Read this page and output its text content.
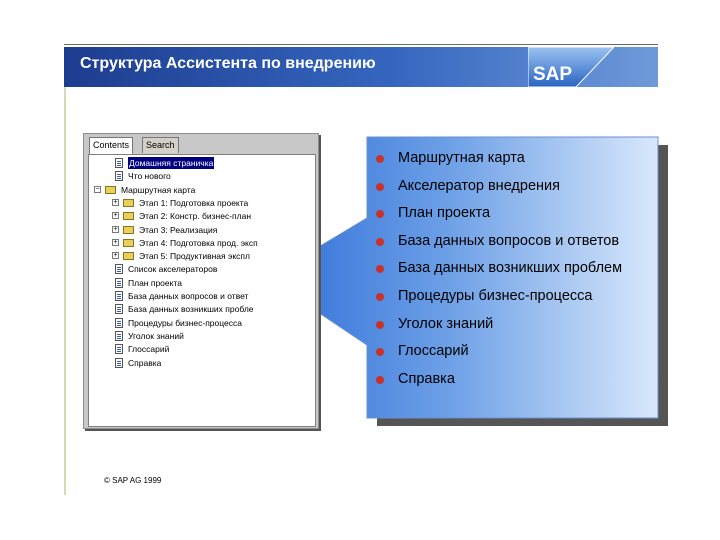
Структура Ассистента по внедрению
SAP
Contents	Search
Домашняя страничка
Что нового
−	Маршрутная карта
+	Этап 1: Подготовка проекта
+	Этап 2: Констр. бизнес-план
+	Этап 3: Реализация
+	Этап 4: Подготовка прод. эксп
+	Этап 5: Продуктивная экспл
Список акселераторов
План проекта
База данных вопросов и ответ
База данных возникших пробле
Процедуры бизнес-процесса
Уголок знаний
Глоссарий
Справка
Маршрутная карта
Акселератор внедрения
План проекта
База данных вопросов и ответов
База данных возникших проблем
Процедуры бизнес-процесса
Уголок знаний
Глоссарий
Справка
© SAP AG 1999
